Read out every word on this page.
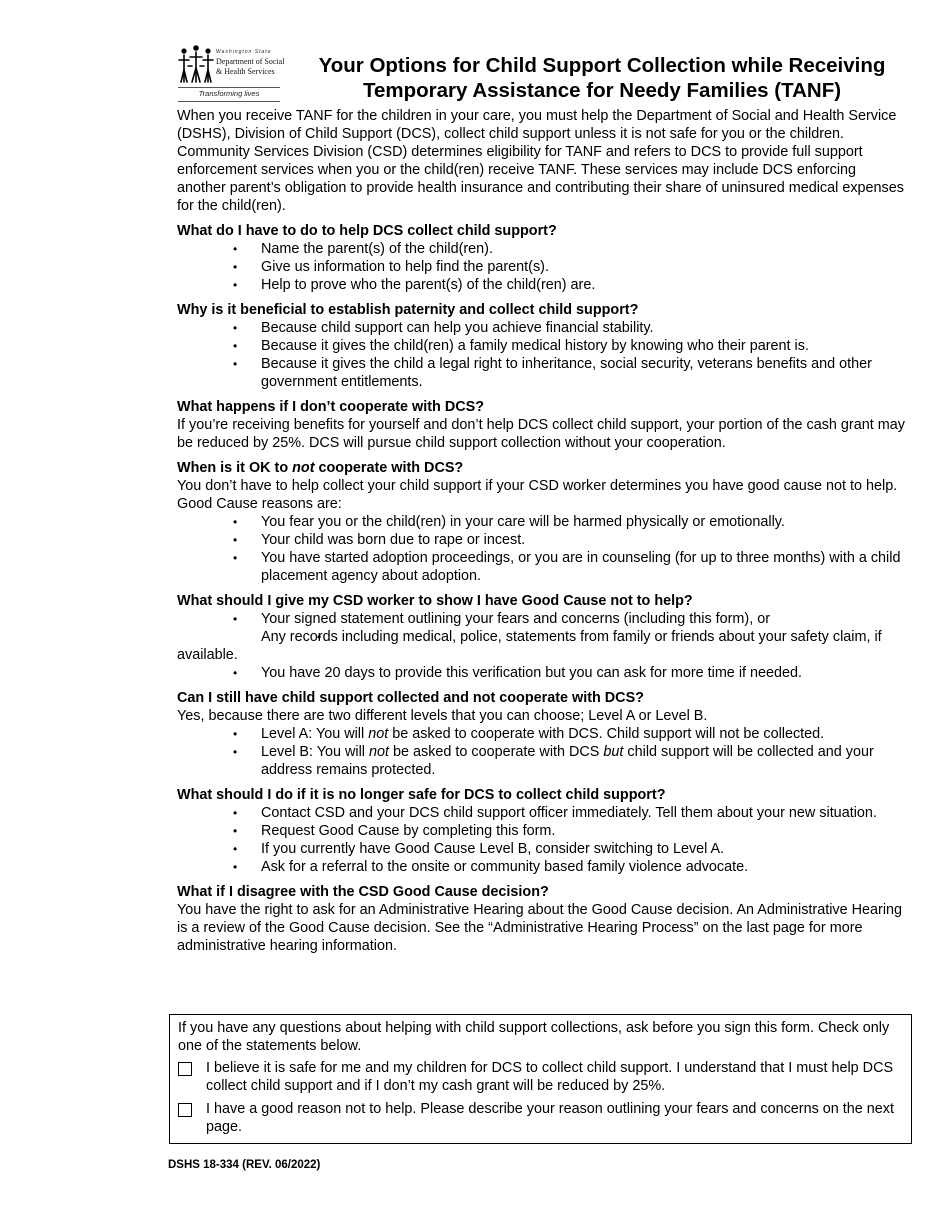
Washington State
Department of Social
& Health Services
Transforming lives
Your Options for Child Support Collection while Receiving Temporary Assistance for Needy Families (TANF)

When you receive TANF for the children in your care, you must help the Department of Social and Health Service (DSHS), Division of Child Support (DCS), collect child support unless it is not safe for you or the children. Community Services Division (CSD) determines eligibility for TANF and refers to DCS to provide full support enforcement services when you or the child(ren) receive TANF. These services may include DCS enforcing another parent’s obligation to provide health insurance and contributing their share of uninsured medical expenses for the child(ren).

What do I have to do to help DCS collect child support?

• Name the parent(s) of the child(ren).
• Give us information to help find the parent(s).
• Help to prove who the parent(s) of the child(ren) are.

Why is it beneficial to establish paternity and collect child support?

• Because child support can help you achieve financial stability.
• Because it gives the child(ren) a family medical history by knowing who their parent is.
• Because it gives the child a legal right to inheritance, social security, veterans benefits and other government entitlements.

What happens if I don’t cooperate with DCS?

If you’re receiving benefits for yourself and don’t help DCS collect child support, your portion of the cash grant may be reduced by 25%. DCS will pursue child support collection without your cooperation.

When is it OK to not cooperate with DCS?

You don’t have to help collect your child support if your CSD worker determines you have good cause not to help. Good Cause reasons are:

• You fear you or the child(ren) in your care will be harmed physically or emotionally.
• Your child was born due to rape or incest.
• You have started adoption proceedings, or you are in counseling (for up to three months) with a child placement agency about adoption.

What should I give my CSD worker to show I have Good Cause not to help?

• Your signed statement outlining your fears and concerns (including this form), or
• Any records including medical, police, statements from family or friends about your safety claim, if available.
• You have 20 days to provide this verification but you can ask for more time if needed.

Can I still have child support collected and not cooperate with DCS?

Yes, because there are two different levels that you can choose; Level A or Level B.

• Level A: You will not be asked to cooperate with DCS. Child support will not be collected.
• Level B: You will not be asked to cooperate with DCS but child support will be collected and your address remains protected.

What should I do if it is no longer safe for DCS to collect child support?

• Contact CSD and your DCS child support officer immediately. Tell them about your new situation.
• Request Good Cause by completing this form.
• If you currently have Good Cause Level B, consider switching to Level A.
• Ask for a referral to the onsite or community based family violence advocate.

What if I disagree with the CSD Good Cause decision?

You have the right to ask for an Administrative Hearing about the Good Cause decision. An Administrative Hearing is a review of the Good Cause decision. See the “Administrative Hearing Process” on the last page for more administrative hearing information.

If you have any questions about helping with child support collections, ask before you sign this form. Check only one of the statements below.

I believe it is safe for me and my children for DCS to collect child support. I understand that I must help DCS collect child support and if I don’t my cash grant will be reduced by 25%.
I have a good reason not to help. Please describe your reason outlining your fears and concerns on the next page.
DSHS 18-334 (REV. 06/2022)
